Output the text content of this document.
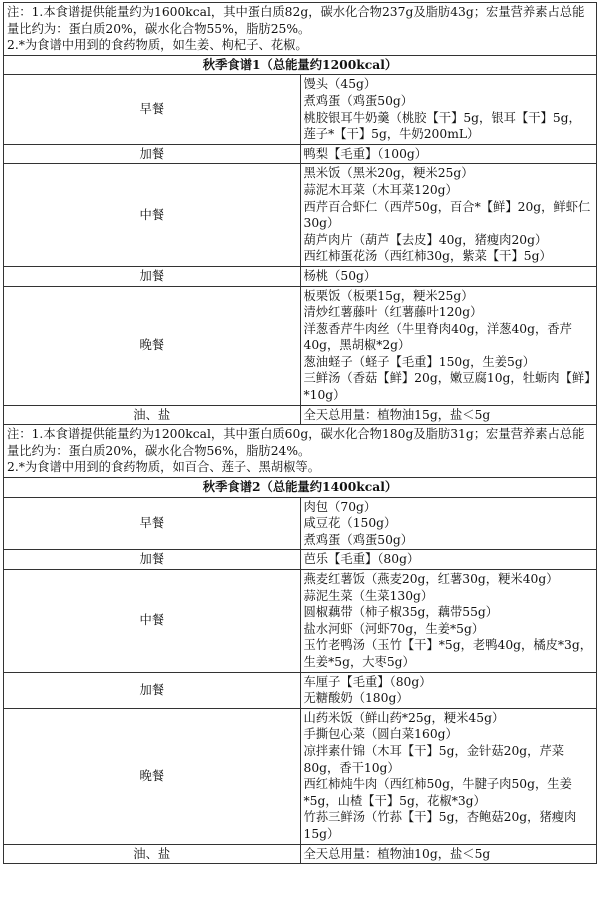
注：1.本食谱提供能量约为1600kcal，其中蛋白质82g，碳水化合物237g及脂肪43g；宏量营养素占总能量比约为：蛋白质20%，碳水化合物55%，脂肪25%。
2.*为食谱中用到的食药物质，如生姜、枸杞子、花椒。	

秋季食谱1（总能量约1200kcal）	
早餐	馒头（45g）
煮鸡蛋（鸡蛋50g）
桃胶银耳牛奶羹（桃胶【干】5g，银耳【干】5g，莲子*【干】5g，牛奶200mL）

加餐	鸭梨【毛重】（100g）

中餐	黑米饭（黑米20g，粳米25g）
蒜泥木耳菜（木耳菜120g）
西芹百合虾仁（西芹50g，百合*【鲜】20g，鲜虾仁30g）
葫芦肉片（葫芦【去皮】40g，猪瘦肉20g）
西红柿蛋花汤（西红柿30g，紫菜【干】5g）

加餐	杨桃（50g）

晚餐	板栗饭（板栗15g，粳米25g）
清炒红薯藤叶（红薯藤叶120g）
洋葱香芹牛肉丝（牛里脊肉40g，洋葱40g，香芹40g，黑胡椒*2g）
葱油蛏子（蛏子【毛重】150g，生姜5g）
三鲜汤（香菇【鲜】20g，嫩豆腐10g，牡蛎肉【鲜】*10g）

油、盐	全天总用量：植物油15g，盐＜5g

注：1.本食谱提供能量约为1200kcal，其中蛋白质60g，碳水化合物180g及脂肪31g；宏量营养素占总能量比约为：蛋白质20%，碳水化合物56%，脂肪24%。
2.*为食谱中用到的食药物质，如百合、莲子、黑胡椒等。	

秋季食谱2（总能量约1400kcal）	
早餐	肉包（70g）
咸豆花（150g）
煮鸡蛋（鸡蛋50g）

加餐	芭乐【毛重】（80g）

中餐	燕麦红薯饭（燕麦20g，红薯30g，粳米40g）
蒜泥生菜（生菜130g）
圆椒藕带（柿子椒35g，藕带55g）
盐水河虾（河虾70g，生姜*5g）
玉竹老鸭汤（玉竹【干】*5g，老鸭40g，橘皮*3g，生姜*5g，大枣5g）

加餐	车厘子【毛重】（80g）
无糖酸奶（180g）

晚餐	山药米饭（鲜山药*25g，粳米45g）
手撕包心菜（圆白菜160g）
凉拌素什锦（木耳【干】5g，金针菇20g，芹菜80g，香干10g）
西红柿炖牛肉（西红柿50g，牛腱子肉50g，生姜*5g，山楂【干】5g，花椒*3g）
竹荪三鲜汤（竹荪【干】5g，杏鲍菇20g，猪瘦肉15g）

油、盐	全天总用量：植物油10g，盐＜5g
